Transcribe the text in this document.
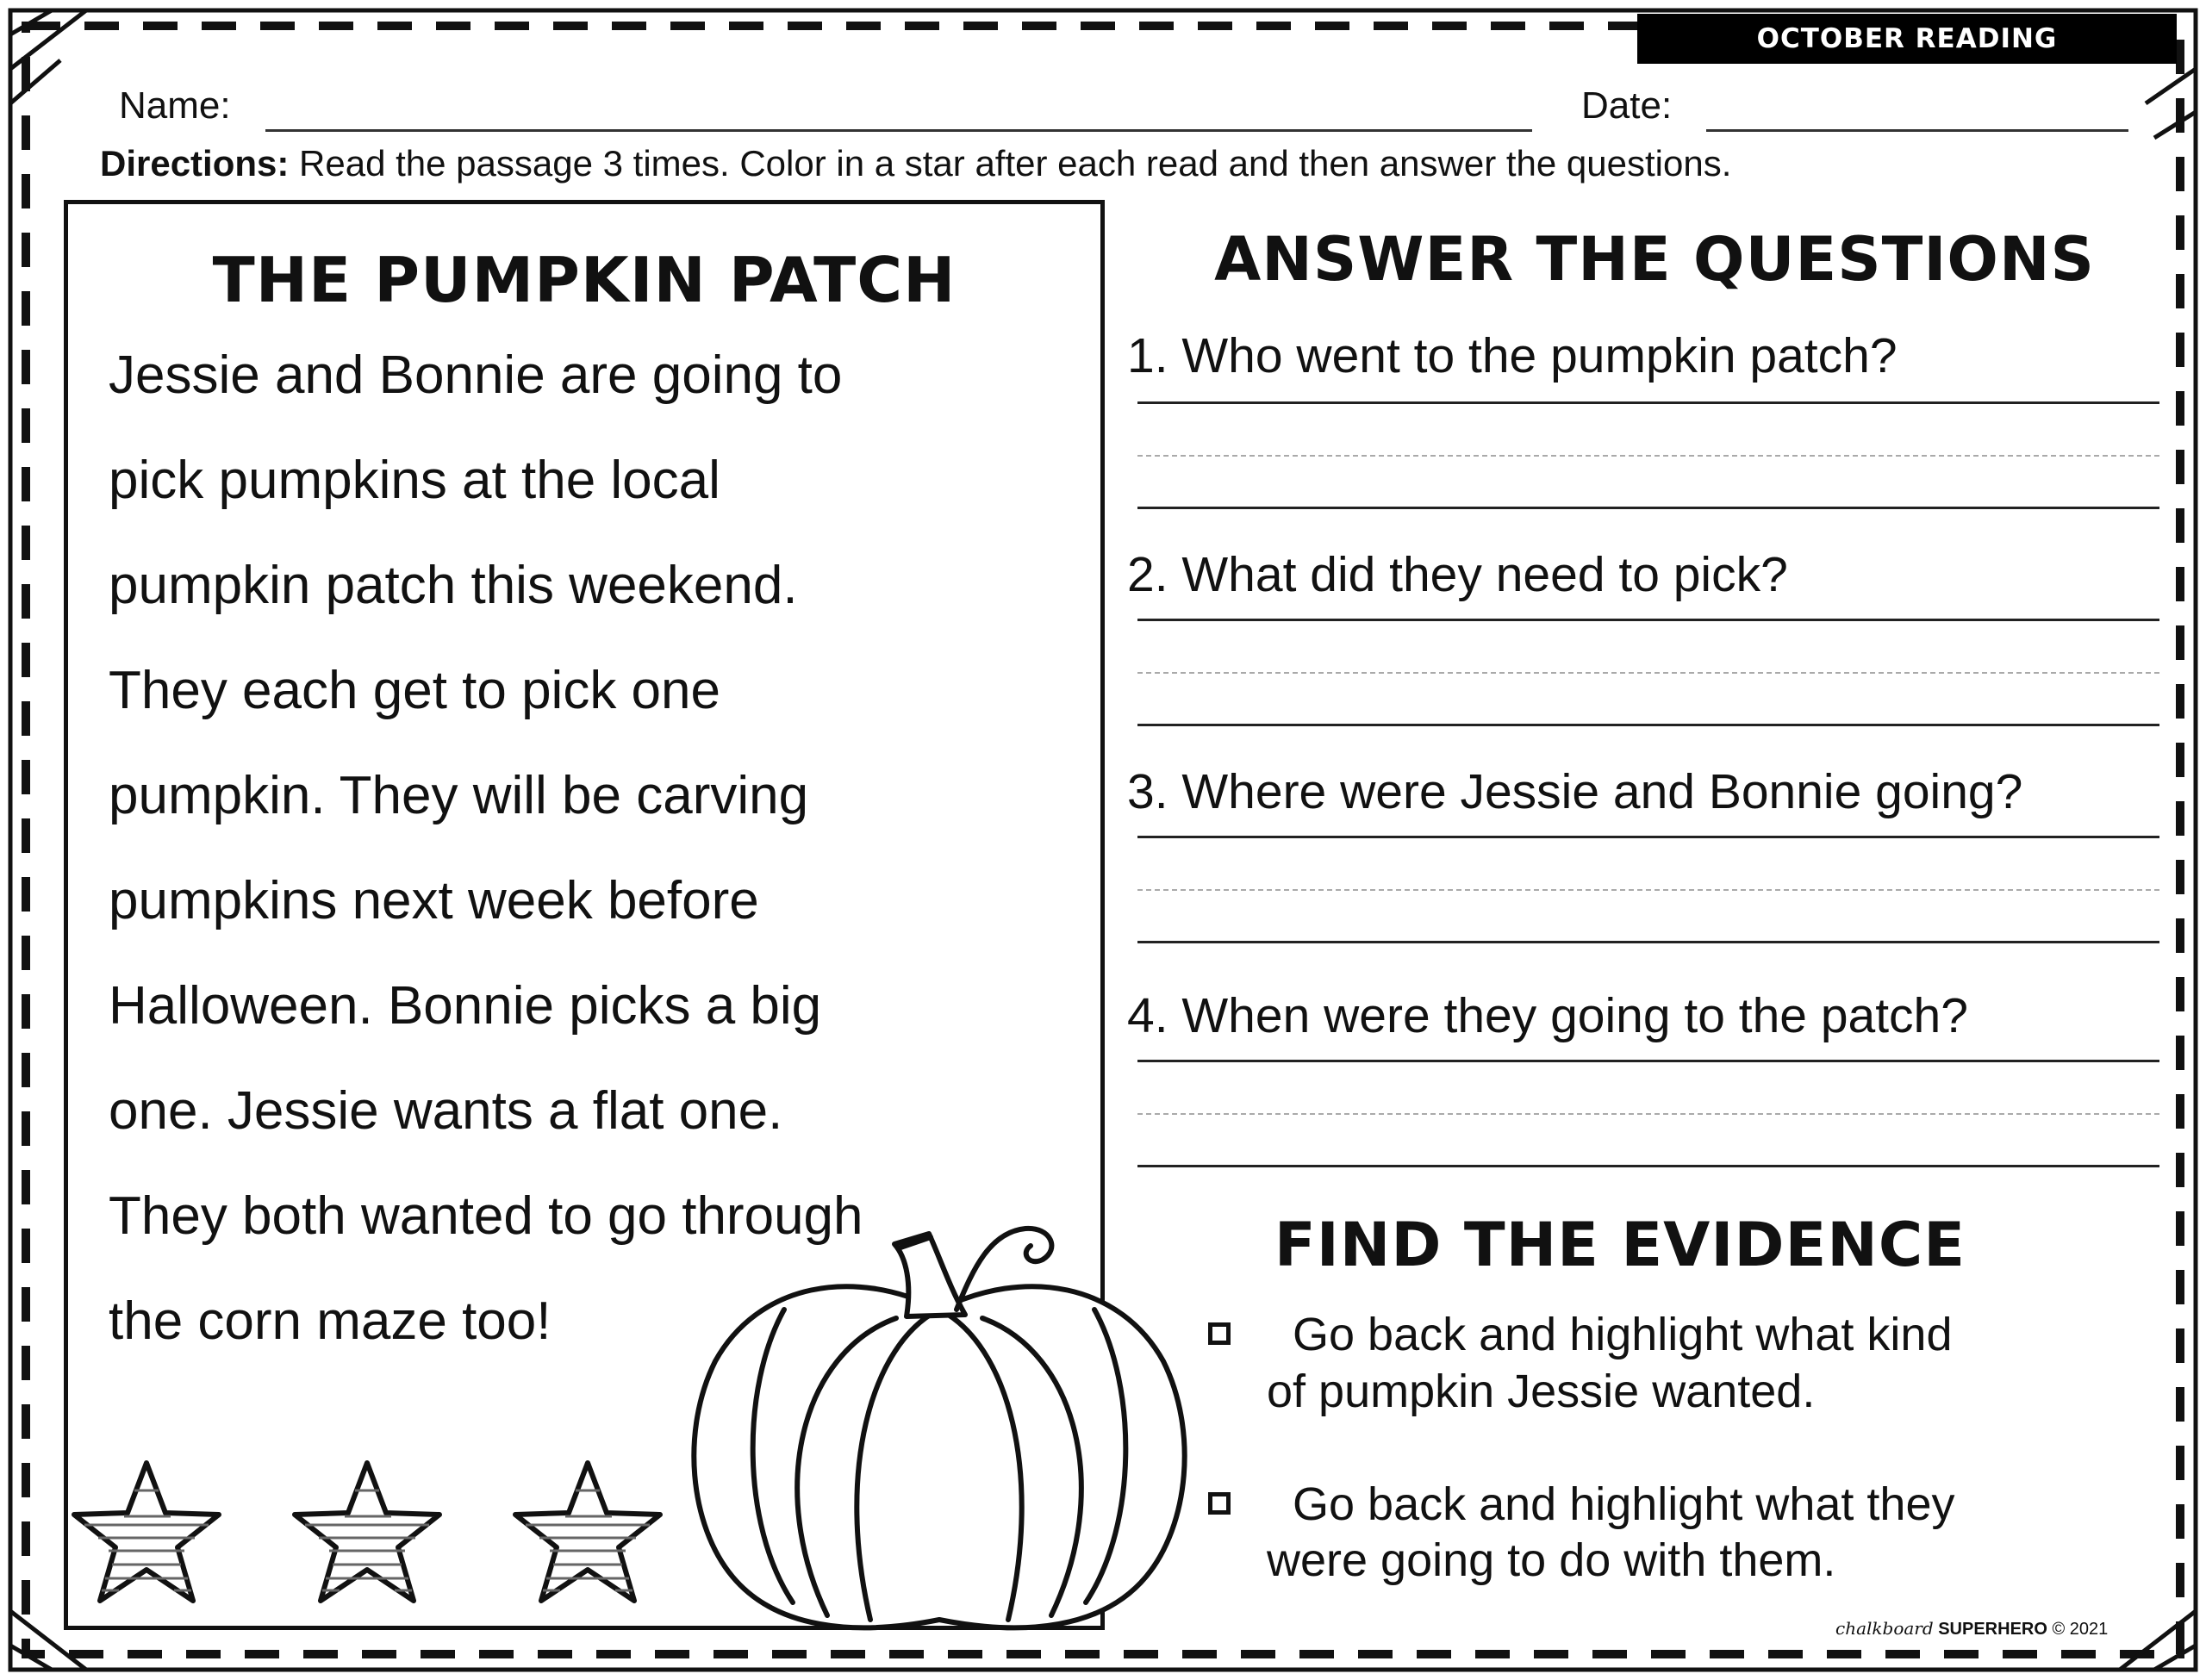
OCTOBER READING COMPREHENSION
Name:	Date:
Directions: Read the passage 3 times. Color in a star after each read and then answer the questions.
THE PUMPKIN PATCH
Jessie and Bonnie are going to
pick pumpkins at the local
pumpkin patch this weekend.
They each get to pick one
pumpkin. They will be carving
pumpkins next week before
Halloween. Bonnie picks a big
one. Jessie wants a flat one.
They both wanted to go through
the corn maze too!
ANSWER THE QUESTIONS
1. Who went to the pumpkin patch?
2. What did they need to pick?
3. Where were Jessie and Bonnie going?
4. When were they going to the patch?
FIND THE EVIDENCE
Go back and highlight what kind
of pumpkin Jessie wanted.
Go back and highlight what they
were going to do with them.
chalkboard SUPERHERO © 2021
